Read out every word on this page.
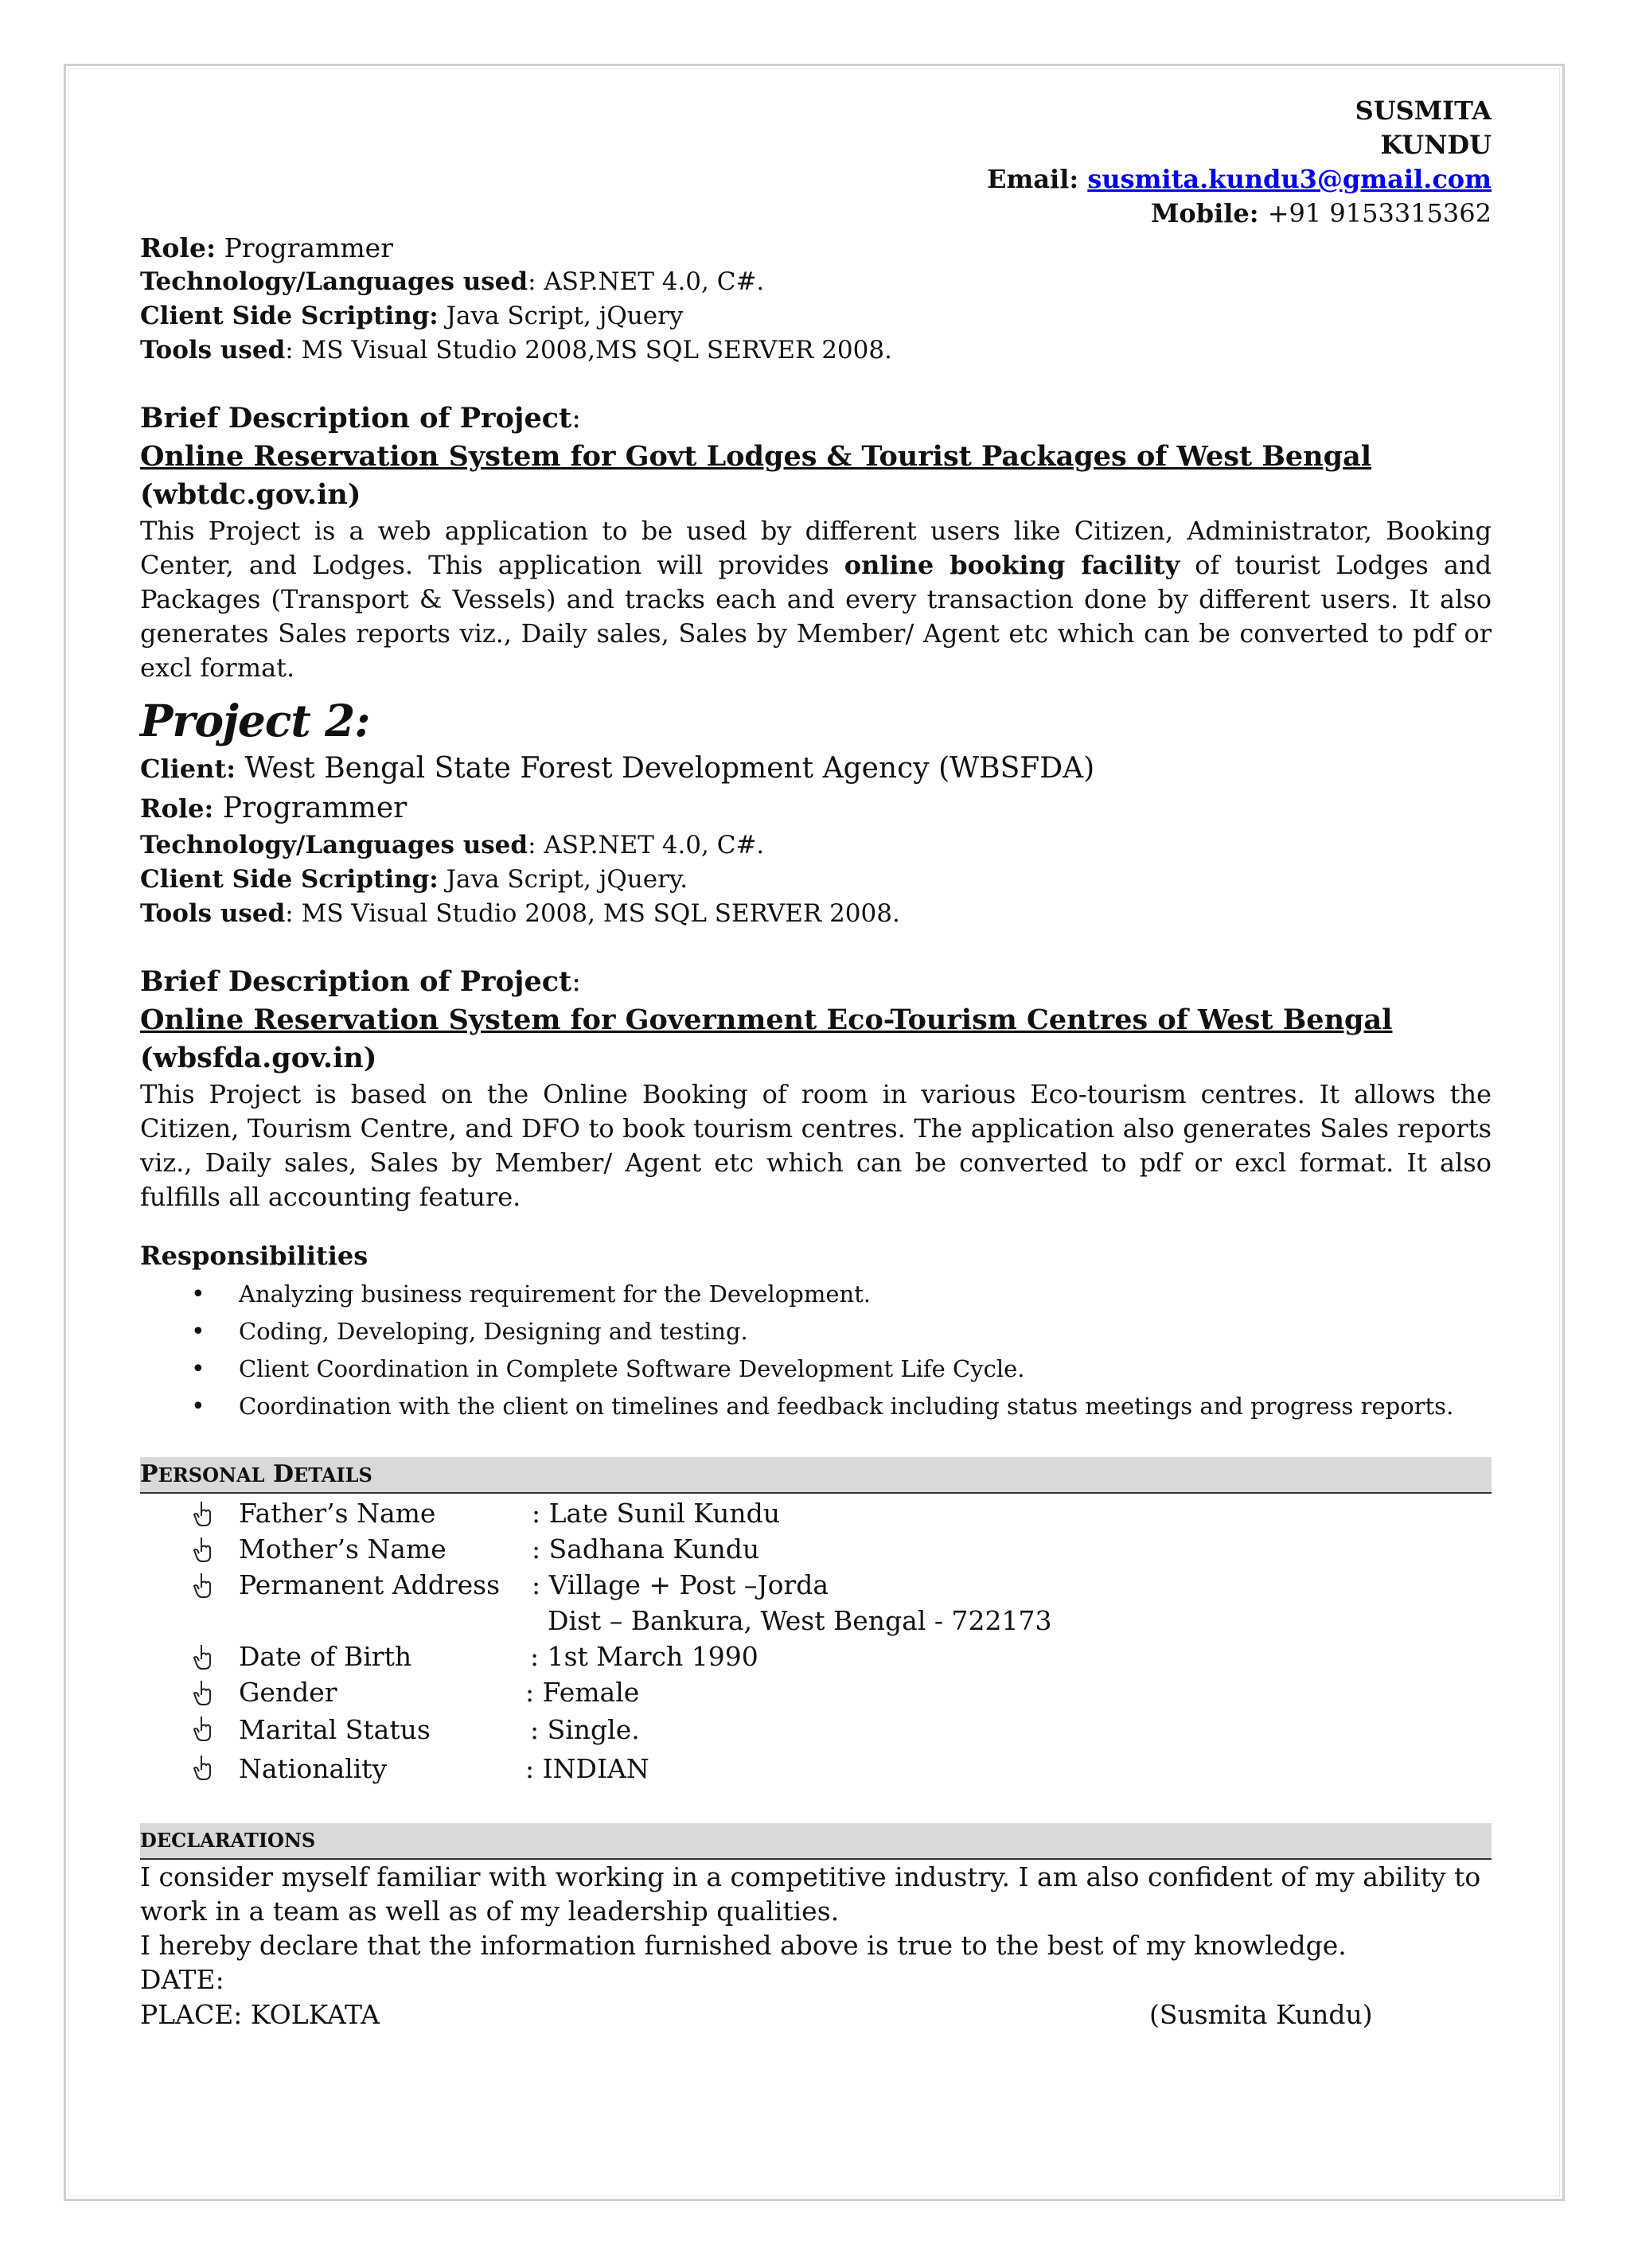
SUSMITA
KUNDU
Email: susmita.kundu3@gmail.com
Mobile: +91 9153315362
Role: Programmer
Technology/Languages used: ASP.NET 4.0, C#.
Client Side Scripting: Java Script, jQuery
Tools used: MS Visual Studio 2008,MS SQL SERVER 2008.
Brief Description of Project:
Online Reservation System for Govt Lodges & Tourist Packages of West Bengal (wbtdc.gov.in)
This Project is a web application to be used by different users like Citizen, Administrator, Booking Center, and Lodges. This application will provides online booking facility of tourist Lodges and Packages (Transport & Vessels) and tracks each and every transaction done by different users. It also generates Sales reports viz., Daily sales, Sales by Member/ Agent etc which can be converted to pdf or excl format.
Project 2:
Client: West Bengal State Forest Development Agency (WBSFDA)
Role: Programmer
Technology/Languages used: ASP.NET 4.0, C#.
Client Side Scripting: Java Script, jQuery.
Tools used: MS Visual Studio 2008, MS SQL SERVER 2008.
Brief Description of Project:
Online Reservation System for Government Eco-Tourism Centres of West Bengal (wbsfda.gov.in)
This Project is based on the Online Booking of room in various Eco-tourism centres. It allows the Citizen, Tourism Centre, and DFO to book tourism centres. The application also generates Sales reports viz., Daily sales, Sales by Member/ Agent etc which can be converted to pdf or excl format. It also fulfills all accounting feature.
Responsibilities
• Analyzing business requirement for the Development.
• Coding, Developing, Designing and testing.
• Client Coordination in Complete Software Development Life Cycle.
• Coordination with the client on timelines and feedback including status meetings and progress reports.
PERSONAL DETAILS
Father’s Name	: Late Sunil Kundu
Mother’s Name	: Sadhana Kundu
Permanent Address : Village + Post –Jorda
Dist – Bankura, West Bengal - 722173
Date of Birth	: 1st March 1990
Gender	: Female
Marital Status	: Single.
Nationality	: INDIAN
DECLARATIONS
I consider myself familiar with working in a competitive industry. I am also confident of my ability to work in a team as well as of my leadership qualities.
I hereby declare that the information furnished above is true to the best of my knowledge.
DATE:
PLACE: KOLKATA	(Susmita Kundu)
